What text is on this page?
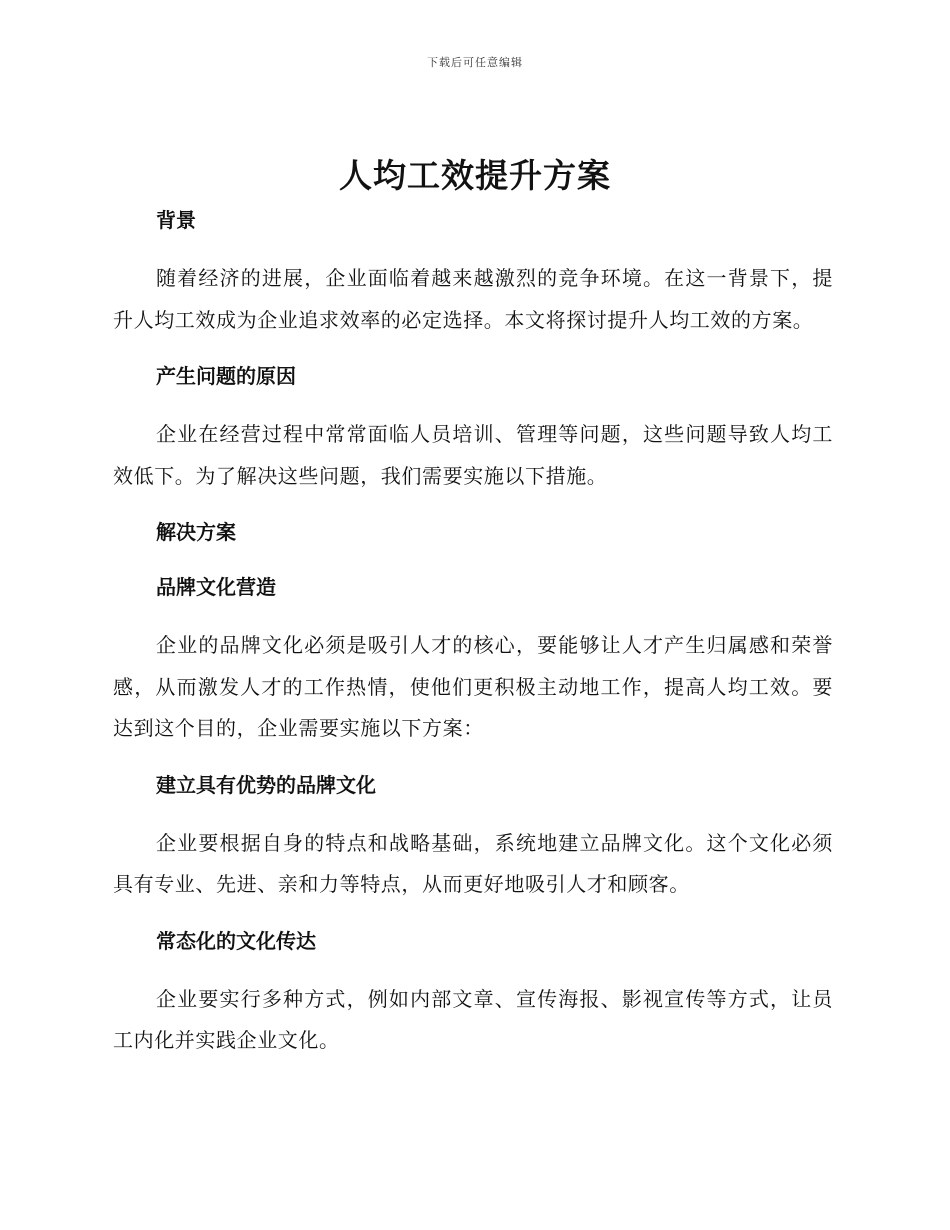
下载后可任意编辑
人均工效提升方案
背景

随着经济的进展，企业面临着越来越激烈的竞争环境。在这一背景下，提升人均工效成为企业追求效率的必定选择。本文将探讨提升人均工效的方案。

产生问题的原因

企业在经营过程中常常面临人员培训、管理等问题，这些问题导致人均工效低下。为了解决这些问题，我们需要实施以下措施。

解决方案
品牌文化营造

企业的品牌文化必须是吸引人才的核心，要能够让人才产生归属感和荣誉感，从而激发人才的工作热情，使他们更积极主动地工作，提高人均工效。要达到这个目的，企业需要实施以下方案：

建立具有优势的品牌文化

企业要根据自身的特点和战略基础，系统地建立品牌文化。这个文化必须具有专业、先进、亲和力等特点，从而更好地吸引人才和顾客。

常态化的文化传达

企业要实行多种方式，例如内部文章、宣传海报、影视宣传等方式，让员工内化并实践企业文化。
